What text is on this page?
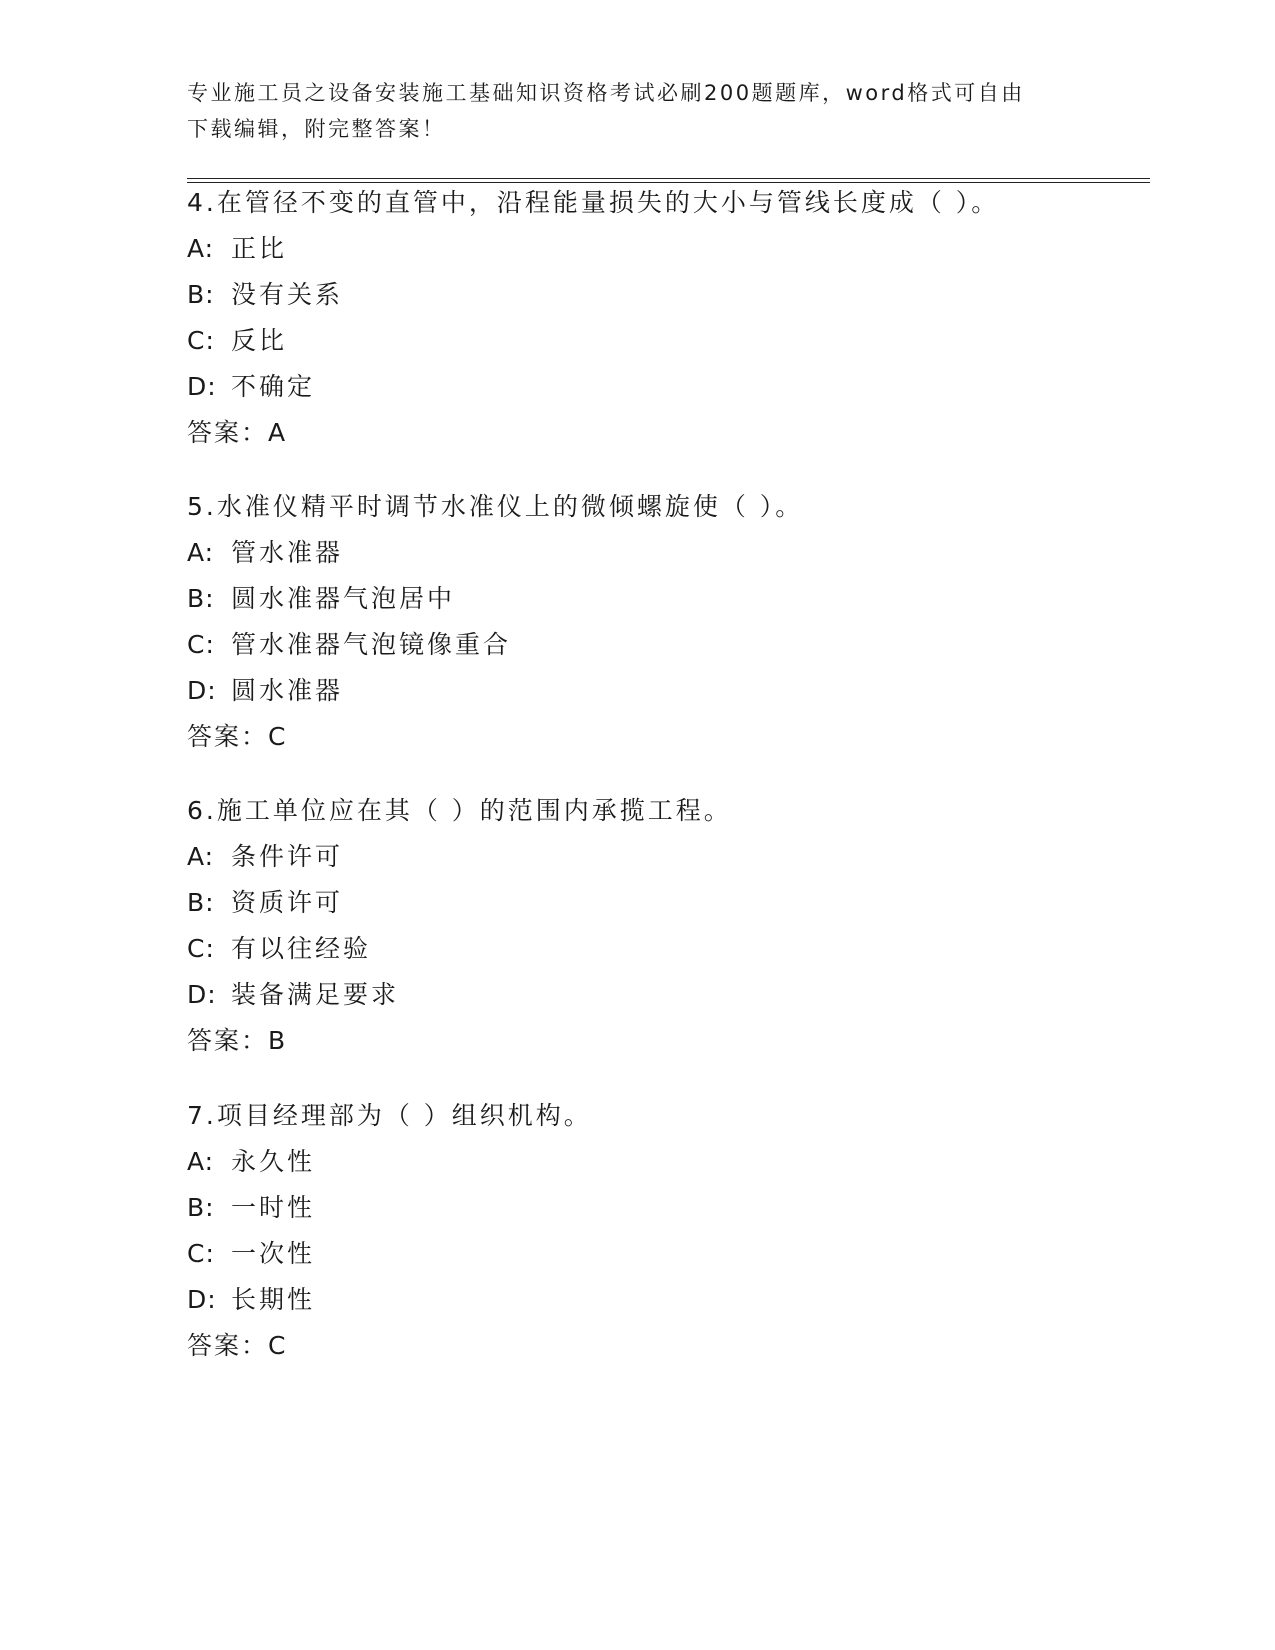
专业施工员之设备安装施工基础知识资格考试必刷200题题库，word格式可自由
下载编辑，附完整答案！
4.在管径不变的直管中，沿程能量损失的大小与管线长度成（ ）。
A: 正比
B: 没有关系
C: 反比
D: 不确定
答案：A
5.水准仪精平时调节水准仪上的微倾螺旋使（ ）。
A: 管水准器
B: 圆水准器气泡居中
C: 管水准器气泡镜像重合
D: 圆水准器
答案：C
6.施工单位应在其（ ）的范围内承揽工程。
A: 条件许可
B: 资质许可
C: 有以往经验
D: 装备满足要求
答案：B
7.项目经理部为（ ）组织机构。
A: 永久性
B: 一时性
C: 一次性
D: 长期性
答案：C
